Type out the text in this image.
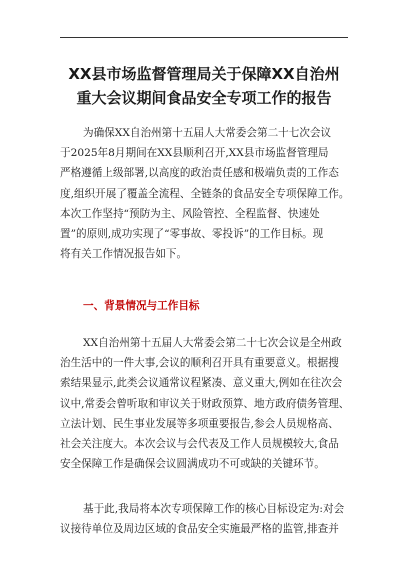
XX县市场监督管理局关于保障XX自治州
重大会议期间食品安全专项工作的报告

为确保XX自治州第十五届人大常委会第二十七次会议
于2025年8月期间在XX县顺利召开,XX县市场监督管理局
严格遵循上级部署,以高度的政治责任感和极端负责的工作态
度,组织开展了覆盖全流程、全链条的食品安全专项保障工作。
本次工作坚持“预防为主、风险管控、全程监督、快速处
置”的原则,成功实现了“零事故、零投诉”的工作目标。现
将有关工作情况报告如下。

一、背景情况与工作目标

XX自治州第十五届人大常委会第二十七次会议是全州政
治生活中的一件大事,会议的顺利召开具有重要意义。根据搜
索结果显示,此类会议通常议程紧凑、意义重大,例如在往次会
议中,常委会曾听取和审议关于财政预算、地方政府债务管理、
立法计划、民生事业发展等多项重要报告,参会人员规格高、
社会关注度大。本次会议与会代表及工作人员规模较大,食品
安全保障工作是确保会议圆满成功不可或缺的关键环节。

基于此,我局将本次专项保障工作的核心目标设定为:对会
议接待单位及周边区域的食品安全实施最严格的监管,排查并
